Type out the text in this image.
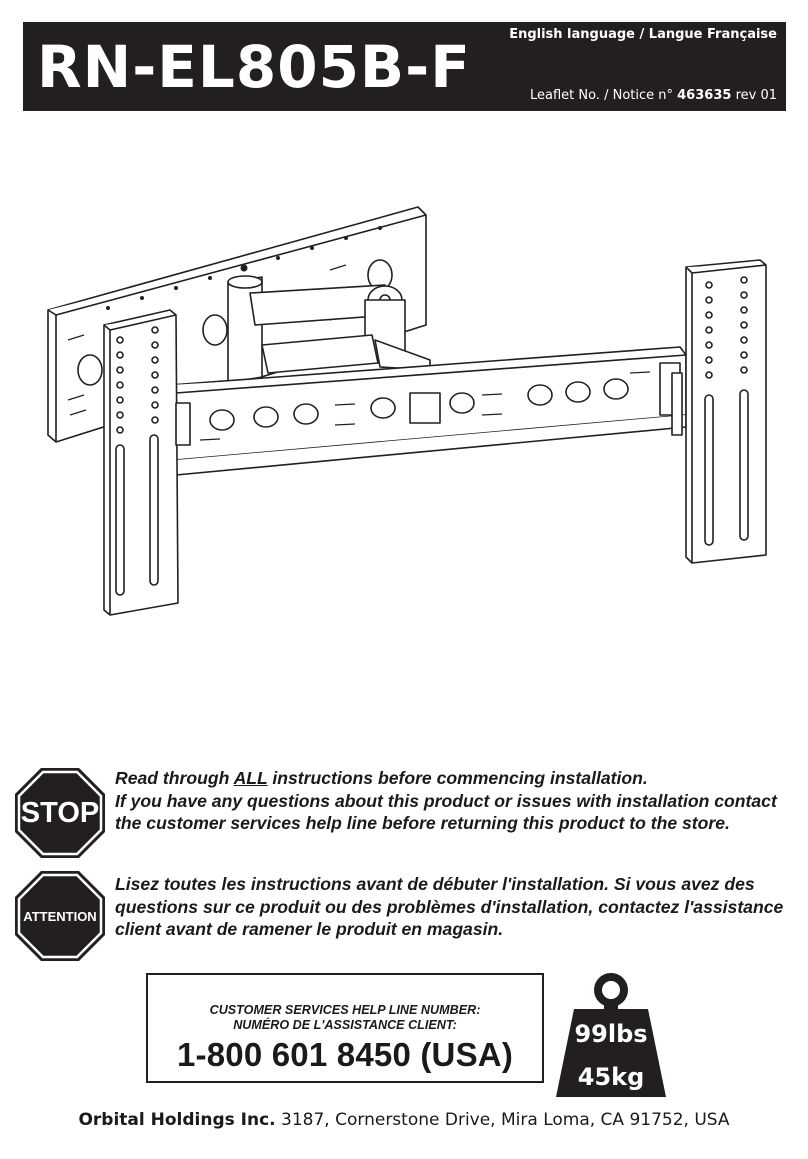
RN-EL805B-F	English language / Langue Française
Leaflet No. / Notice n° 463635 rev 01
STOP

Read through ALL instructions before commencing installation.

If you have any questions about this product or issues with installation contact the customer services help line before returning this product to the store.

ATTENTION

Lisez toutes les instructions avant de débuter l'installation. Si vous avez des questions sur ce produit ou des problèmes d'installation, contactez l'assistance client avant de ramener le produit en magasin.

CUSTOMER SERVICES HELP LINE NUMBER:
NUMÉRO DE L'ASSISTANCE CLIENT:
1-800 601 8450 (USA)
99lbs
45kg
Orbital Holdings Inc. 3187, Cornerstone Drive, Mira Loma, CA 91752, USA
